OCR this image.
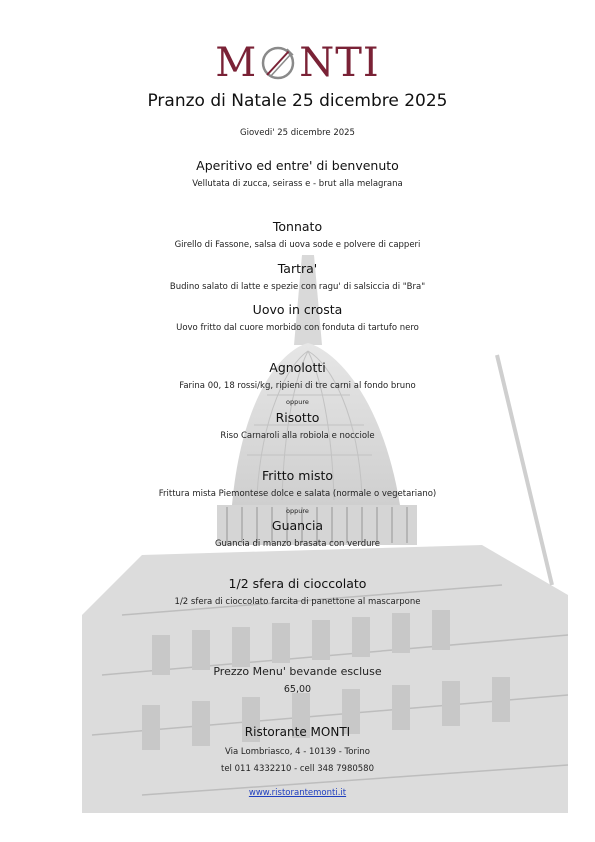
M NTI
Pranzo di Natale 25 dicembre 2025
Giovedi' 25 dicembre 2025
Aperitivo ed entre' di benvenuto
Vellutata di zucca, seirass e - brut alla melagrana
Tonnato
Girello di Fassone, salsa di uova sode e polvere di capperi
Tartra'
Budino salato di latte e spezie con ragu' di salsiccia di "Bra"
Uovo in crosta
Uovo fritto dal cuore morbido con fonduta di tartufo nero
Agnolotti
Farina 00, 18 rossi/kg, ripieni di tre carni al fondo bruno
oppure
Risotto
Riso Carnaroli alla robiola e nocciole
Fritto misto
Frittura mista Piemontese dolce e salata (normale o vegetariano)
oppure
Guancia
Guancia di manzo brasata con verdure
1/2 sfera di cioccolato
1/2 sfera di cioccolato farcita di panettone al mascarpone
Prezzo Menu' bevande escluse
65,00
Ristorante MONTI
Via Lombriasco, 4 - 10139 - Torino
tel 011 4332210 - cell 348 7980580
www.ristorantemonti.it
